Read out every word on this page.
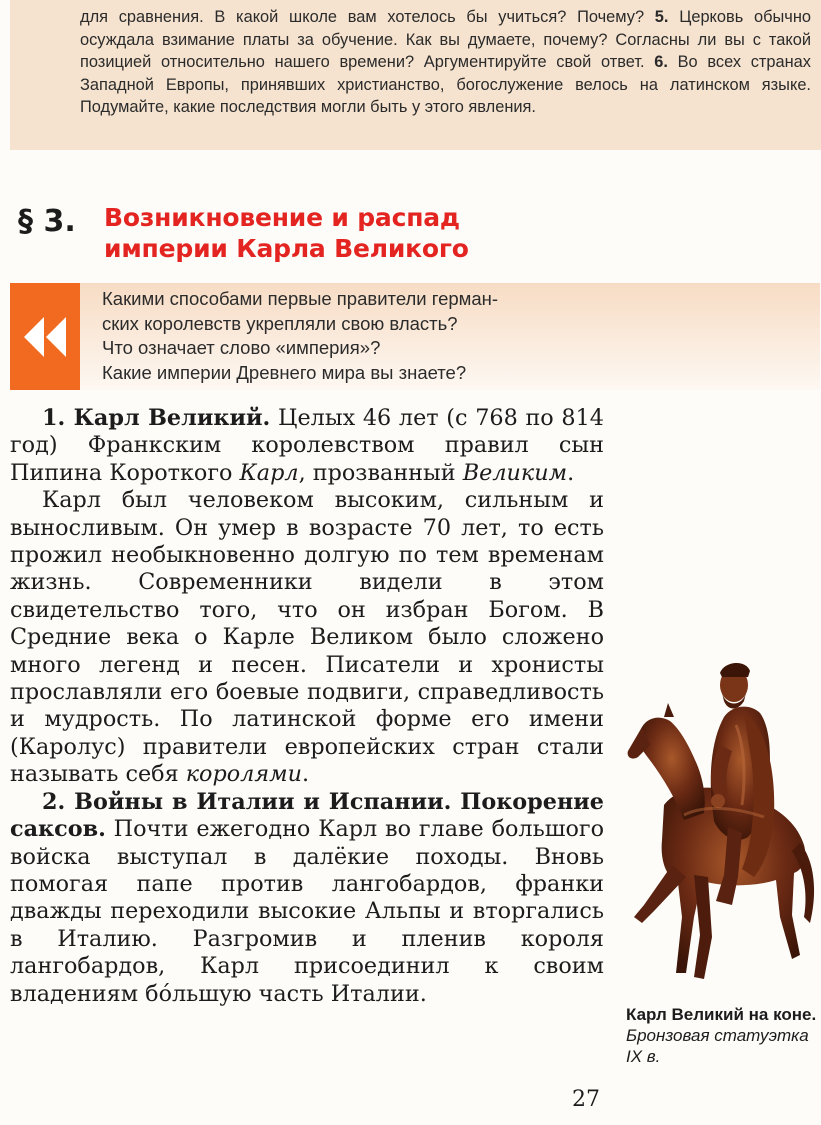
для сравнения. В какой школе вам хотелось бы учиться? Почему? 5. Церковь обычно осуждала взимание платы за обучение. Как вы думаете, почему? Согласны ли вы с такой позицией относительно нашего времени? Аргументируйте свой ответ. 6. Во всех странах Западной Европы, принявших христианство, богослужение велось на латинском языке. Подумайте, какие последствия могли быть у этого явления.

§ 3. Возникновение и распад
империи Карла Великого
Какими способами первые правители герман-
ских королевств укрепляли свою власть?
Что означает слово «империя»?
Какие империи Древнего мира вы знаете?

1. Карл Великий. Целых 46 лет (с 768 по 814 год) Франкским королевством правил сын Пипина Короткого Карл, прозванный Великим.

Карл был человеком высоким, сильным и выносливым. Он умер в возрасте 70 лет, то есть прожил необыкновенно долгую по тем временам жизнь. Современники видели в этом свидетельство того, что он избран Богом. В Средние века о Карле Великом было сложено много легенд и песен. Писатели и хронисты прославляли его боевые подвиги, справедливость и мудрость. По латинской форме его имени (Каролус) правители европейских стран стали называть себя королями.

2. Войны в Италии и Испании. Покорение саксов. Почти ежегодно Карл во главе большого войска выступал в далёкие походы. Вновь помогая папе против лангобардов, франки дважды переходили высокие Альпы и вторгались в Италию. Разгромив и пленив короля лангобардов, Карл присоединил к своим владениям бóльшую часть Италии.

Карл Великий на коне. Бронзовая статуэтка IX в.
27
